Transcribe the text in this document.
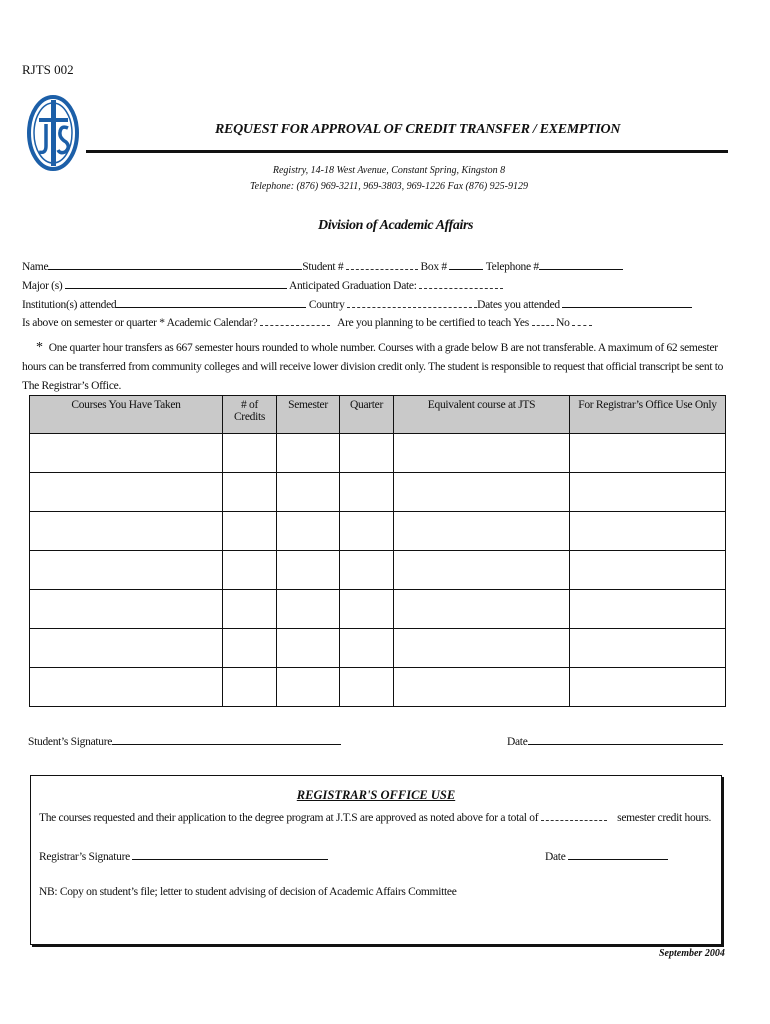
RJTS 002
REQUEST FOR APPROVAL OF CREDIT TRANSFER / EXEMPTION
Registry, 14-18 West Avenue, Constant Spring, Kingston 8
Telephone: (876) 969-3211, 969-3803, 969-1226 Fax (876) 925-9129
Division of Academic Affairs
Name	Student #	Box #	Telephone #
Major (s)	Anticipated Graduation Date:
Institution(s) attended	Country	Dates you attended
Is above on semester or quarter * Academic Calendar?	Are you planning to be certified to teach Yes No
* One quarter hour transfers as 667 semester hours rounded to whole number. Courses with a grade below B are not transferable. A maximum of 62 semester hours can be transferred from community colleges and will receive lower division credit only. The student is responsible to request that official transcript be sent to The Registrar’s Office.
Courses You Have Taken	# of Credits	Semester	Quarter	Equivalent course at JTS	For Registrar’s Office Use Only

Student’s Signature	Date
REGISTRAR'S OFFICE USE
The courses requested and their application to the degree program at J.T.S are approved as noted above for a total of	semester credit hours.
Registrar’s Signature	Date
NB: Copy on student’s file; letter to student advising of decision of Academic Affairs Committee
September 2004
